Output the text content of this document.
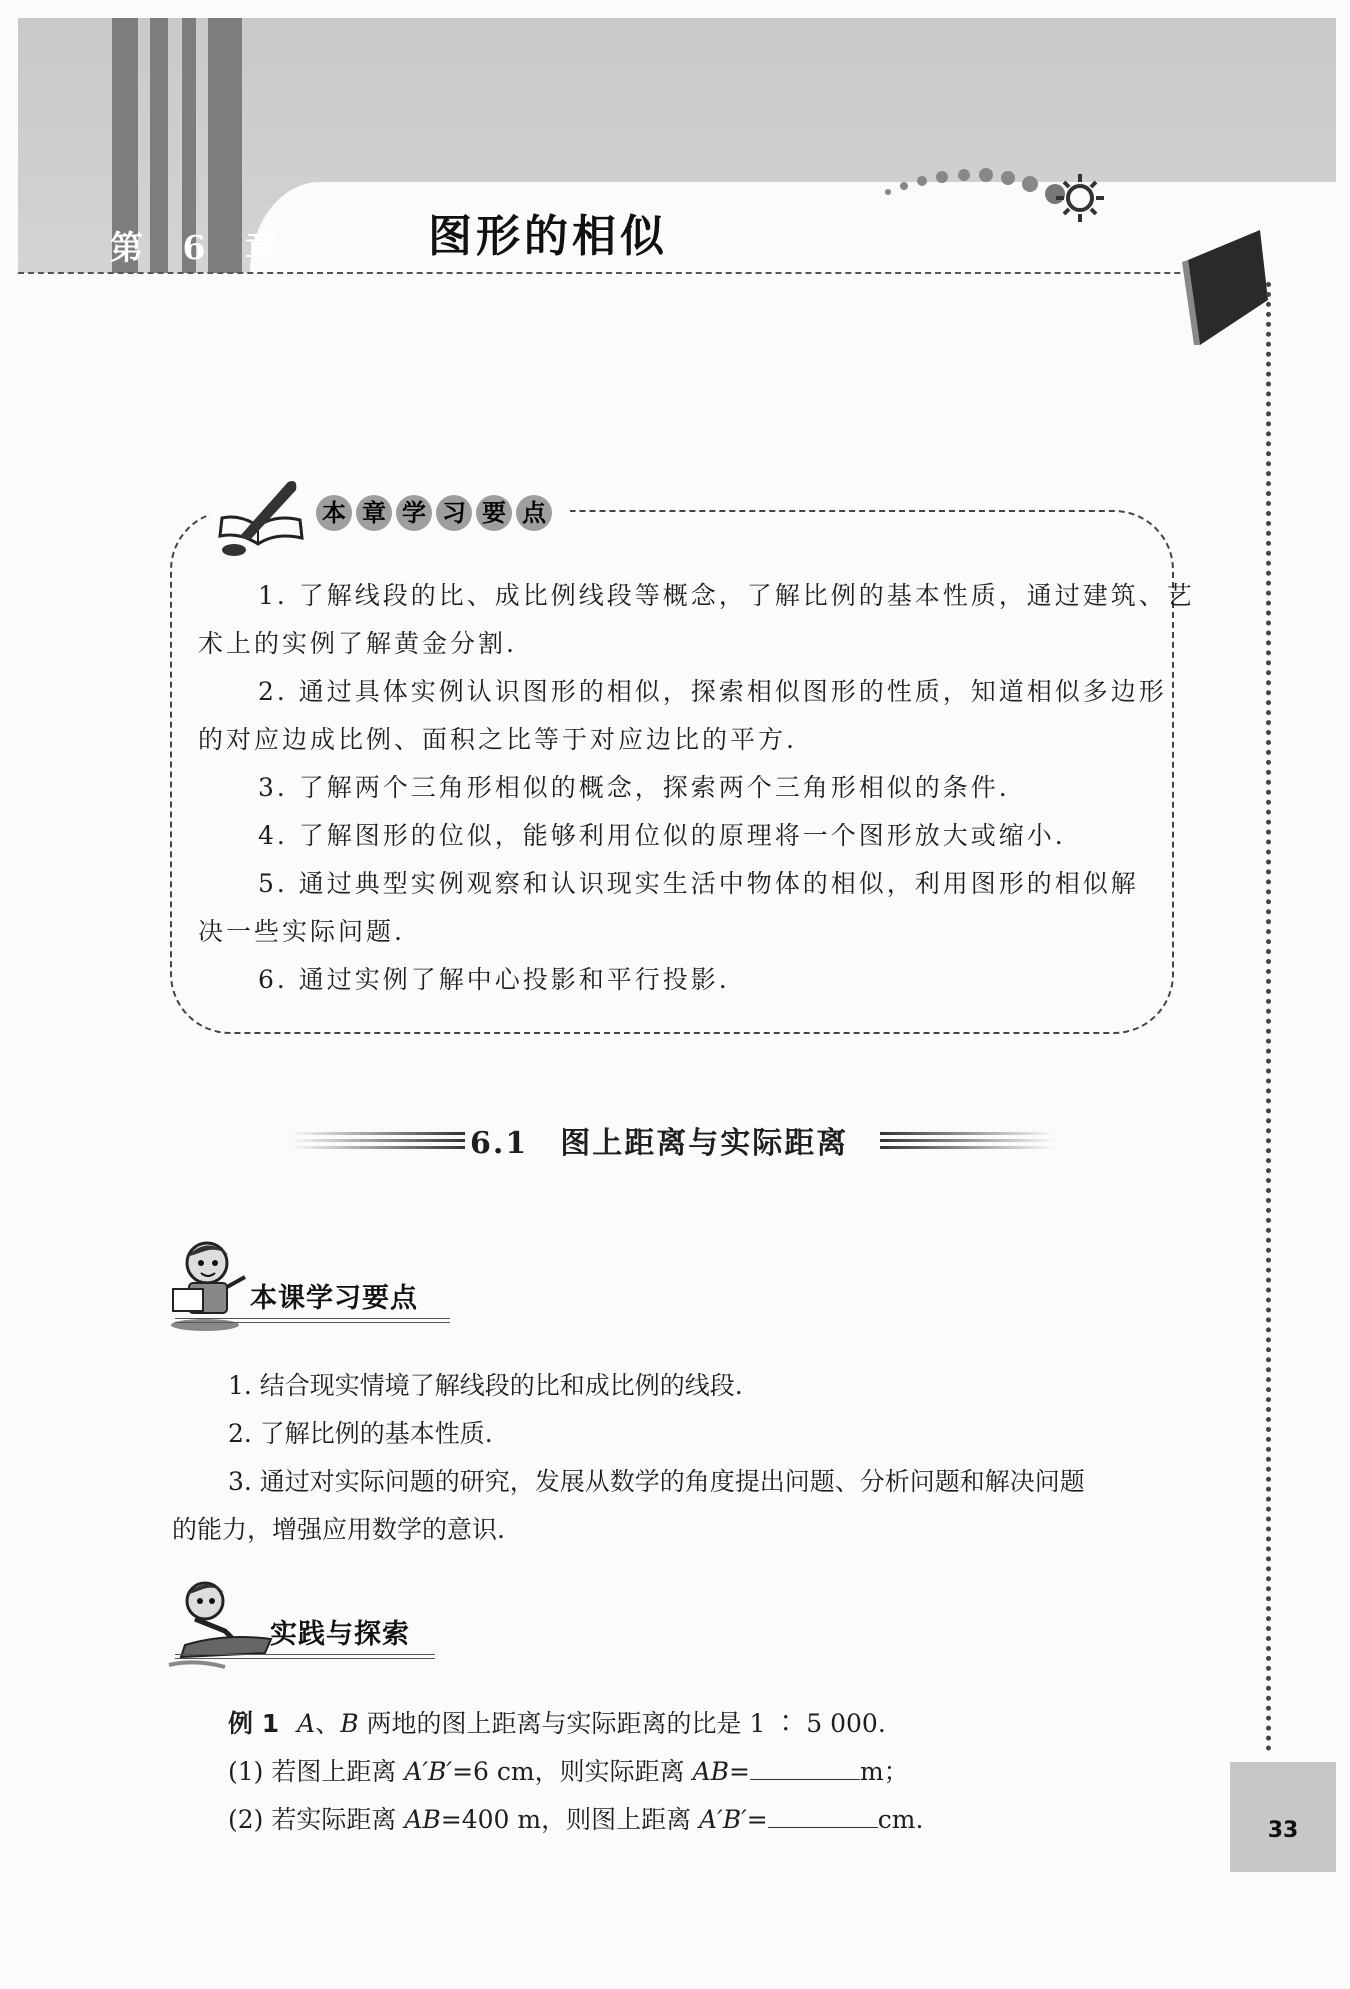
第 6 章	图形的相似
本 章 学 习 要 点
1. 了解线段的比、成比例线段等概念，了解比例的基本性质，通过建筑、艺
术上的实例了解黄金分割.
2. 通过具体实例认识图形的相似，探索相似图形的性质，知道相似多边形
的对应边成比例、面积之比等于对应边比的平方.
3. 了解两个三角形相似的概念，探索两个三角形相似的条件.
4. 了解图形的位似，能够利用位似的原理将一个图形放大或缩小.
5. 通过典型实例观察和认识现实生活中物体的相似，利用图形的相似解
决一些实际问题.
6. 通过实例了解中心投影和平行投影.
6.1 图上距离与实际距离
本课学习要点
1. 结合现实情境了解线段的比和成比例的线段.
2. 了解比例的基本性质.
3. 通过对实际问题的研究，发展从数学的角度提出问题、分析问题和解决问题
的能力，增强应用数学的意识.
实践与探索
例 1 A、B 两地的图上距离与实际距离的比是 1 ∶ 5 000.
(1) 若图上距离 A′B′=6 cm，则实际距离 AB=	m；
(2) 若实际距离 AB=400 m，则图上距离 A′B′=	cm.	33
